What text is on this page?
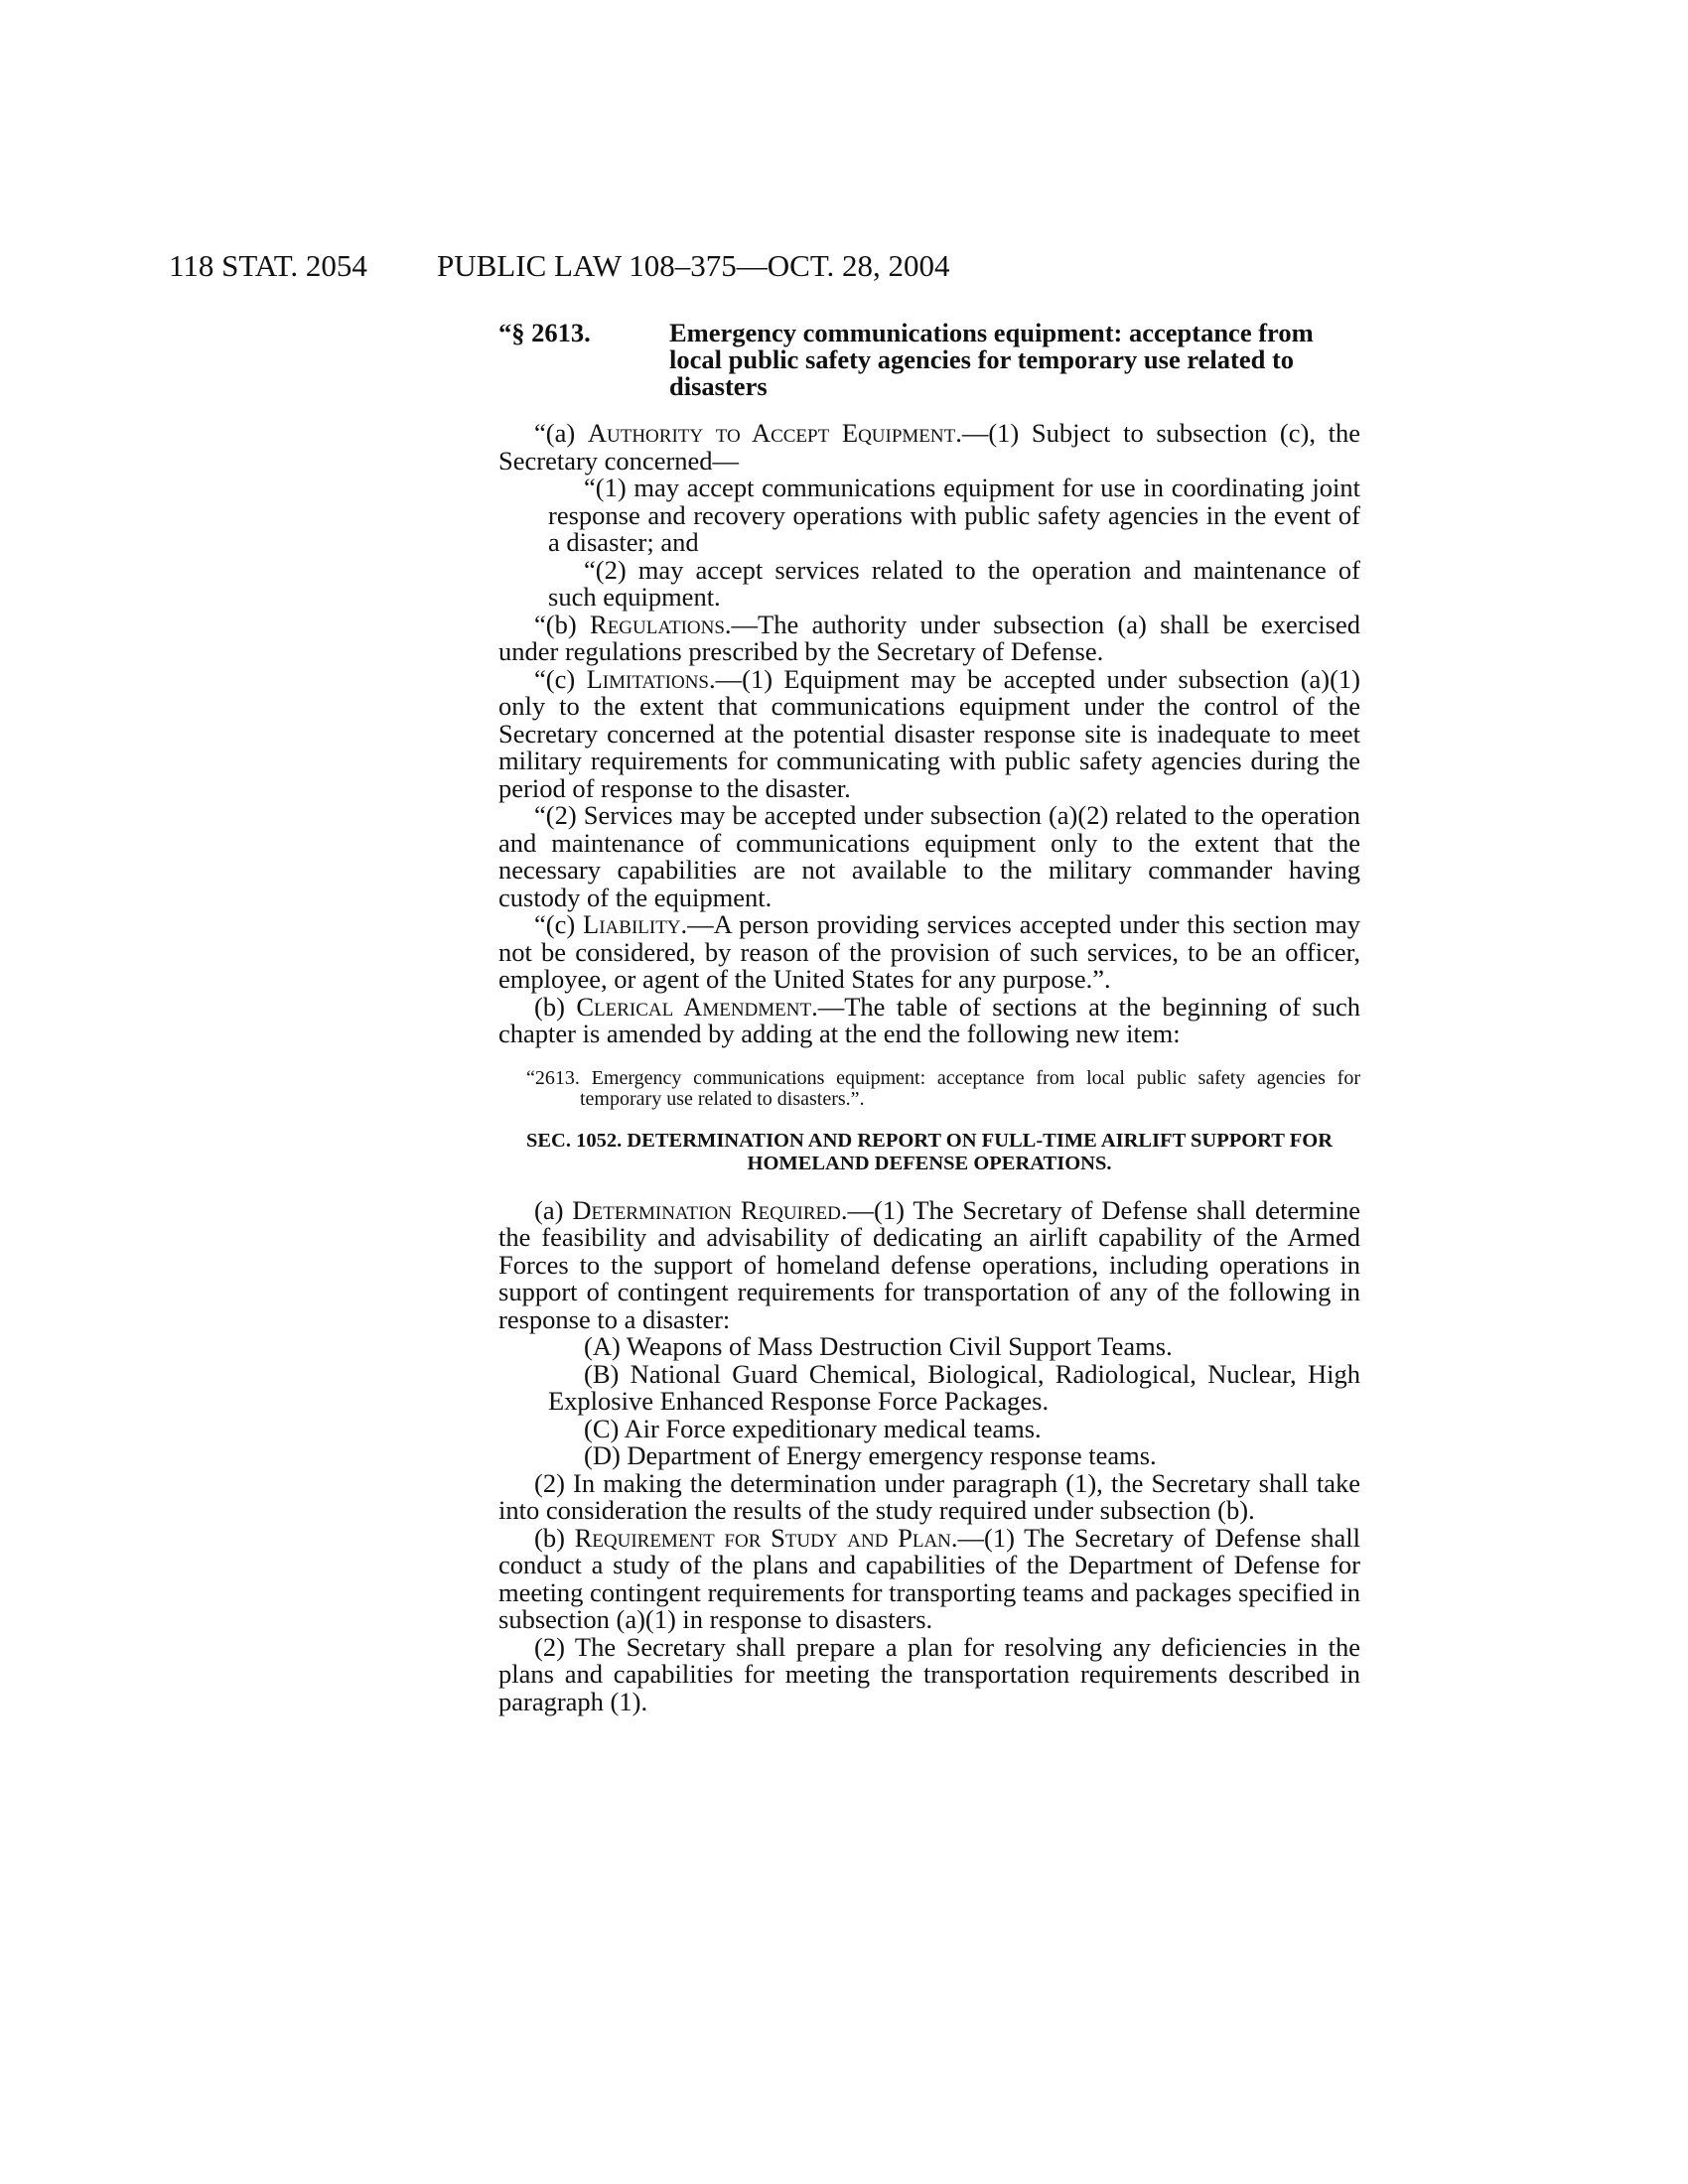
118 STAT. 2054 PUBLIC LAW 108–375—OCT. 28, 2004

“§ 2613.	Emergency communications equipment: acceptance from local public safety agencies for temporary use related to disasters

“(a) Authority to Accept Equipment.—(1) Subject to subsection (c), the Secretary concerned—

“(1) may accept communications equipment for use in coordinating joint response and recovery operations with public safety agencies in the event of a disaster; and

“(2) may accept services related to the operation and maintenance of such equipment.

“(b) Regulations.—The authority under subsection (a) shall be exercised under regulations prescribed by the Secretary of Defense.

“(c) Limitations.—(1) Equipment may be accepted under subsection (a)(1) only to the extent that communications equipment under the control of the Secretary concerned at the potential disaster response site is inadequate to meet military requirements for communicating with public safety agencies during the period of response to the disaster.

“(2) Services may be accepted under subsection (a)(2) related to the operation and maintenance of communications equipment only to the extent that the necessary capabilities are not available to the military commander having custody of the equipment.

“(c) Liability.—A person providing services accepted under this section may not be considered, by reason of the provision of such services, to be an officer, employee, or agent of the United States for any purpose.”.

(b) Clerical Amendment.—The table of sections at the beginning of such chapter is amended by adding at the end the following new item:

“2613. Emergency communications equipment: acceptance from local public safety agencies for temporary use related to disasters.”.

SEC. 1052. DETERMINATION AND REPORT ON FULL-TIME AIRLIFT SUPPORT FOR HOMELAND DEFENSE OPERATIONS.

(a) Determination Required.—(1) The Secretary of Defense shall determine the feasibility and advisability of dedicating an airlift capability of the Armed Forces to the support of homeland defense operations, including operations in support of contingent requirements for transportation of any of the following in response to a disaster:

(A) Weapons of Mass Destruction Civil Support Teams.

(B) National Guard Chemical, Biological, Radiological, Nuclear, High Explosive Enhanced Response Force Packages.

(C) Air Force expeditionary medical teams.

(D) Department of Energy emergency response teams.

(2) In making the determination under paragraph (1), the Secretary shall take into consideration the results of the study required under subsection (b).

(b) Requirement for Study and Plan.—(1) The Secretary of Defense shall conduct a study of the plans and capabilities of the Department of Defense for meeting contingent requirements for transporting teams and packages specified in subsection (a)(1) in response to disasters.

(2) The Secretary shall prepare a plan for resolving any deficiencies in the plans and capabilities for meeting the transportation requirements described in paragraph (1).
